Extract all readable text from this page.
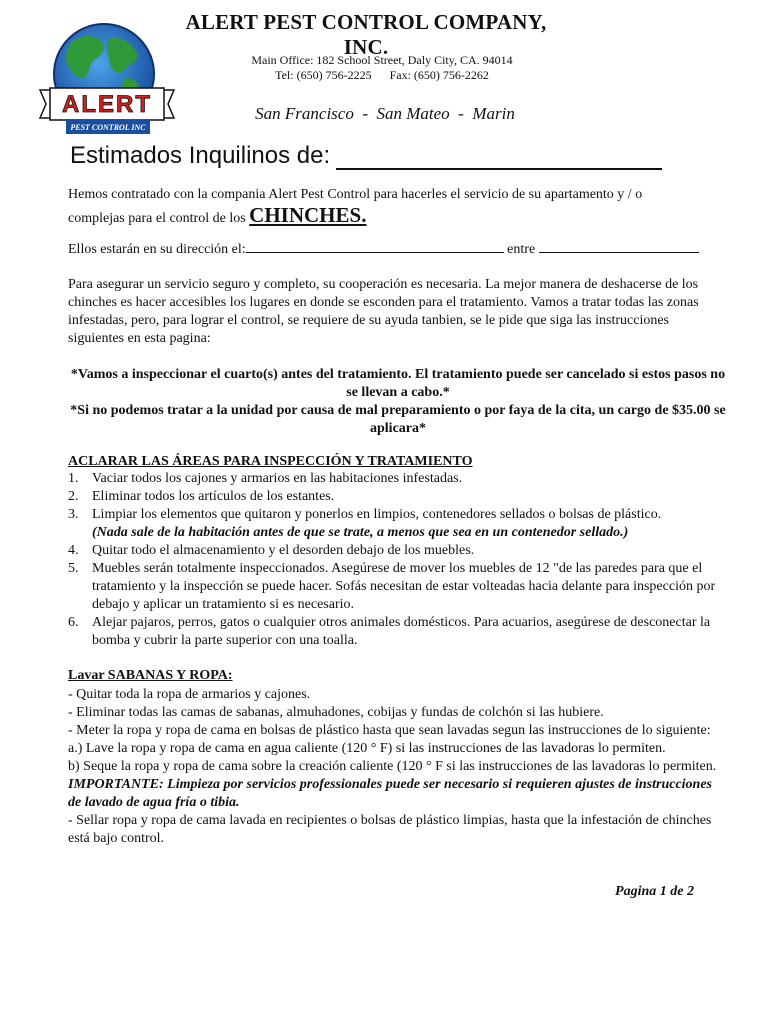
ALERT
PEST CONTROL INC
ALERT PEST CONTROL COMPANY, INC.
Main Office: 182 School Street, Daly City, CA. 94014
Tel: (650) 756-2225 Fax: (650) 756-2262
San Francisco  -  San Mateo  -  Marin
Estimados Inquilinos de:
Hemos contratado con la compania Alert Pest Control para hacerles el servicio de su apartamento y / o
complejas para el control de los CHINCHES.
Ellos estarán en su dirección el:	entre
Para asegurar un servicio seguro y completo, su cooperación es necesaria. La mejor manera de deshacerse de los chinches es hacer accesibles los lugares en donde se esconden para el tratamiento. Vamos a tratar todas las zonas infestadas, pero, para lograr el control, se requiere de su ayuda tanbien, se le pide que siga las instrucciones siguientes en esta pagina:
*Vamos a inspeccionar el cuarto(s) antes del tratamiento. El tratamiento puede ser cancelado si estos pasos no se llevan a cabo.*
*Si no podemos tratar a la unidad por causa de mal preparamiento o por faya de la cita, un cargo de $35.00 se aplicara*
ACLARAR LAS ÁREAS PARA INSPECCIÓN Y TRATAMIENTO
1. Vaciar todos los cajones y armarios en las habitaciones infestadas.
2. Eliminar todos los artículos de los estantes.
3. Limpiar los elementos que quitaron y ponerlos en limpios, contenedores sellados o bolsas de plástico.
(Nada sale de la habitación antes de que se trate, a menos que sea en un contenedor sellado.)
4. Quitar todo el almacenamiento y el desorden debajo de los muebles.
5. Muebles serán totalmente inspeccionados. Asegúrese de mover los muebles de 12 "de las paredes para que el tratamiento y la inspección se puede hacer. Sofás necesitan de estar volteadas hacia delante para inspección por debajo y aplicar un tratamiento si es necesario.
6. Alejar pajaros, perros, gatos o cualquier otros animales domésticos. Para acuarios, asegúrese de desconectar la bomba y cubrir la parte superior con una toalla.
Lavar SABANAS Y ROPA:

- Quitar toda la ropa de armarios y cajones.

- Eliminar todas las camas de sabanas, almuhadones, cobijas y fundas de colchón si las hubiere.

- Meter la ropa y ropa de cama en bolsas de plástico hasta que sean lavadas segun las instrucciones de lo siguiente:

a.) Lave la ropa y ropa de cama en agua caliente (120 ° F) si las instrucciones de las lavadoras lo permiten.

b) Seque la ropa y ropa de cama sobre la creación caliente (120 ° F si las instrucciones de las lavadoras lo permiten.

IMPORTANTE: Limpieza por servicios professionales puede ser necesario si requieren ajustes de instrucciones de lavado de agua fría o tibia.

- Sellar ropa y ropa de cama lavada en recipientes o bolsas de plástico limpias, hasta que la infestación de chinches está bajo control.

Pagina 1 de 2
